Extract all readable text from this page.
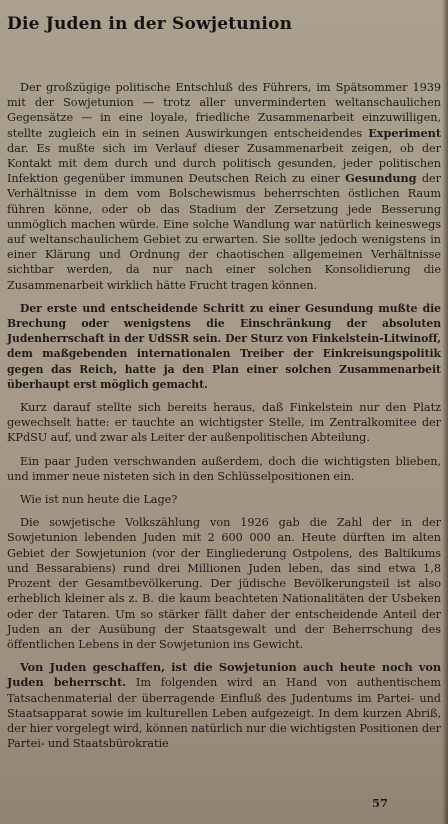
Die Juden in der Sowjetunion

Der großzügige politische Entschluß des Führers, im Spätsommer 1939 mit der Sowjetunion — trotz aller unverminderten weltanschaulichen Gegensätze — in eine loyale, friedliche Zusammenarbeit einzuwilligen, stellte zugleich ein in seinen Auswirkungen entscheidendes Experiment dar. Es mußte sich im Verlauf dieser Zusammenarbeit zeigen, ob der Kontakt mit dem durch und durch politisch gesunden, jeder politischen Infektion gegenüber immunen Deutschen Reich zu einer Gesundung der Verhältnisse in dem vom Bolschewismus beherrschten östlichen Raum führen könne, oder ob das Stadium der Zersetzung jede Besserung unmöglich machen würde. Eine solche Wandlung war natürlich keineswegs auf weltanschaulichem Gebiet zu erwarten. Sie sollte jedoch wenigstens in einer Klärung und Ordnung der chaotischen allgemeinen Verhältnisse sichtbar werden, da nur nach einer solchen Konsolidierung die Zusammenarbeit wirklich hätte Frucht tragen können.

Der erste und entscheidende Schritt zu einer Gesundung mußte die Brechung oder wenigstens die Einschränkung der absoluten Judenherrschaft in der UdSSR sein. Der Sturz von Finkelstein-Litwinoff, dem maßgebenden internationalen Treiber der Einkreisungspolitik gegen das Reich, hatte ja den Plan einer solchen Zusammenarbeit überhaupt erst möglich gemacht.

Kurz darauf stellte sich bereits heraus, daß Finkelstein nur den Platz gewechselt hatte: er tauchte an wichtigster Stelle, im Zentralkomitee der KPdSU auf, und zwar als Leiter der außenpolitischen Abteilung.

Ein paar Juden verschwanden außerdem, doch die wichtigsten blieben, und immer neue nisteten sich in den Schlüsselpositionen ein.

Wie ist nun heute die Lage?

Die sowjetische Volkszählung von 1926 gab die Zahl der in der Sowjetunion lebenden Juden mit 2 600 000 an. Heute dürften im alten Gebiet der Sowjetunion (vor der Eingliederung Ostpolens, des Baltikums und Bessarabiens) rund drei Millionen Juden leben, das sind etwa 1,8 Prozent der Gesamtbevölkerung. Der jüdische Bevölkerungsteil ist also erheblich kleiner als z. B. die kaum beachteten Nationalitäten der Usbeken oder der Tataren. Um so stärker fällt daher der entscheidende Anteil der Juden an der Ausübung der Staatsgewalt und der Beherrschung des öffentlichen Lebens in der Sowjetunion ins Gewicht.

Von Juden geschaffen, ist die Sowjetunion auch heute noch von Juden beherrscht. Im folgenden wird an Hand von authentischem Tatsachenmaterial der überragende Einfluß des Judentums im Partei- und Staatsapparat sowie im kulturellen Leben aufgezeigt. In dem kurzen Abriß, der hier vorgelegt wird, können natürlich nur die wichtigsten Positionen der Partei- und Staatsbürokratie

57
